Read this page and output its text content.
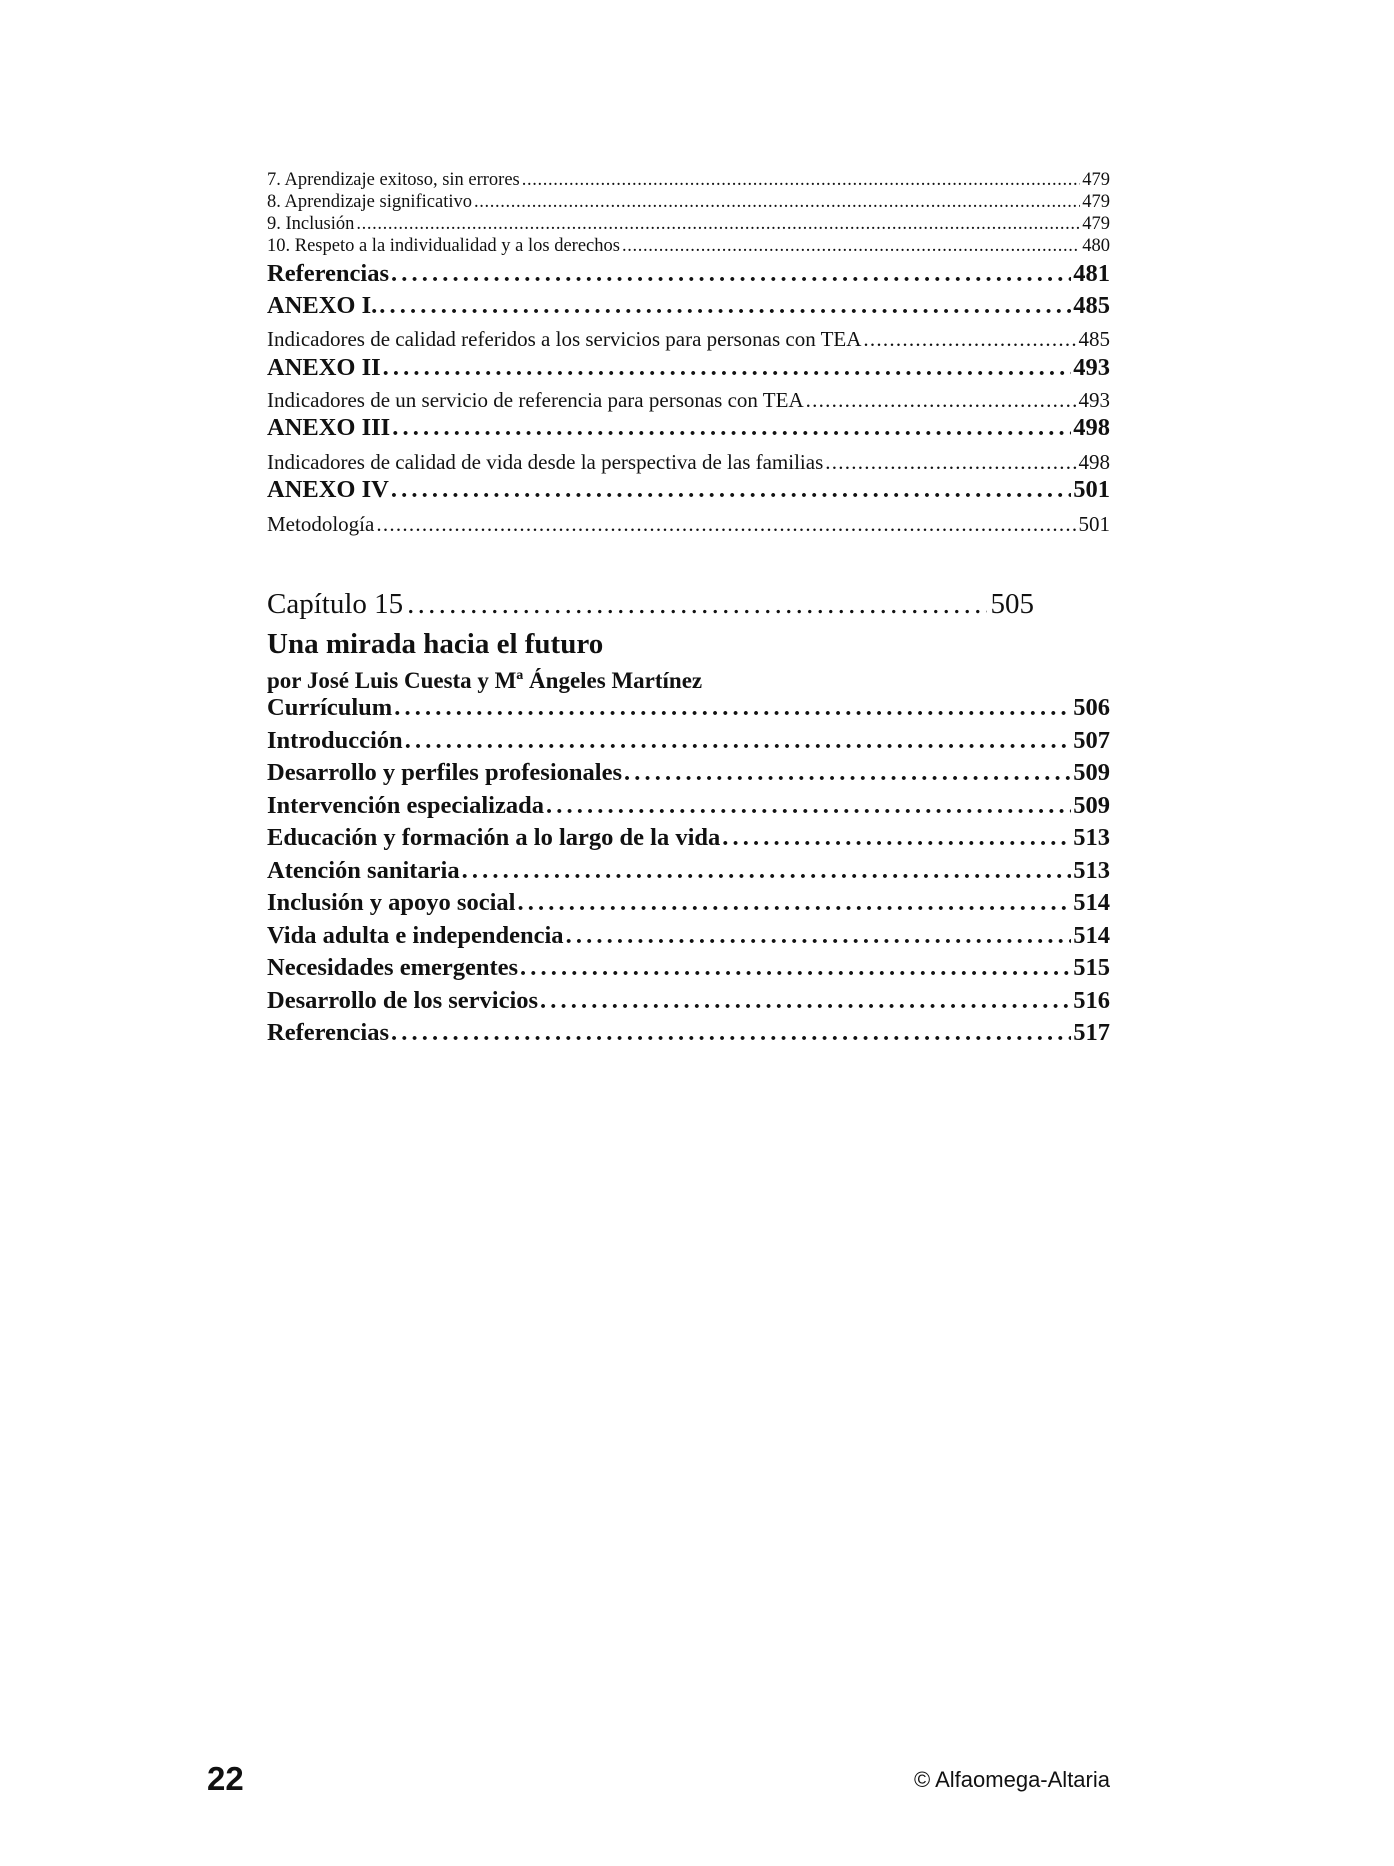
7. Aprendizaje exitoso, sin errores . . .	479
8. Aprendizaje significativo . . .	479
9. Inclusión . . .	479
10. Respeto a la individualidad y a los derechos . . .	480
Referencias . . .	481
ANEXO I. . . .	485
Indicadores de calidad referidos a los servicios para personas con TEA . . .	485
ANEXO II . . .	493
Indicadores de un servicio de referencia para personas con TEA . . .	493
ANEXO III . . .	498
Indicadores de calidad de vida desde la perspectiva de las familias . . .	498
ANEXO IV . . .	501
Metodología . . .	501
Capítulo 15 . . .	505
Una mirada hacia el futuro
por José Luis Cuesta y Mª Ángeles Martínez
Currículum . . .	506
Introducción . . .	507
Desarrollo y perfiles profesionales . . .	509
Intervención especializada . . .	509
Educación y formación a lo largo de la vida . . .	513
Atención sanitaria . . .	513
Inclusión y apoyo social . . .	514
Vida adulta e independencia . . .	514
Necesidades emergentes . . .	515
Desarrollo de los servicios . . .	516
Referencias . . .	517
22	© Alfaomega-Altaria
